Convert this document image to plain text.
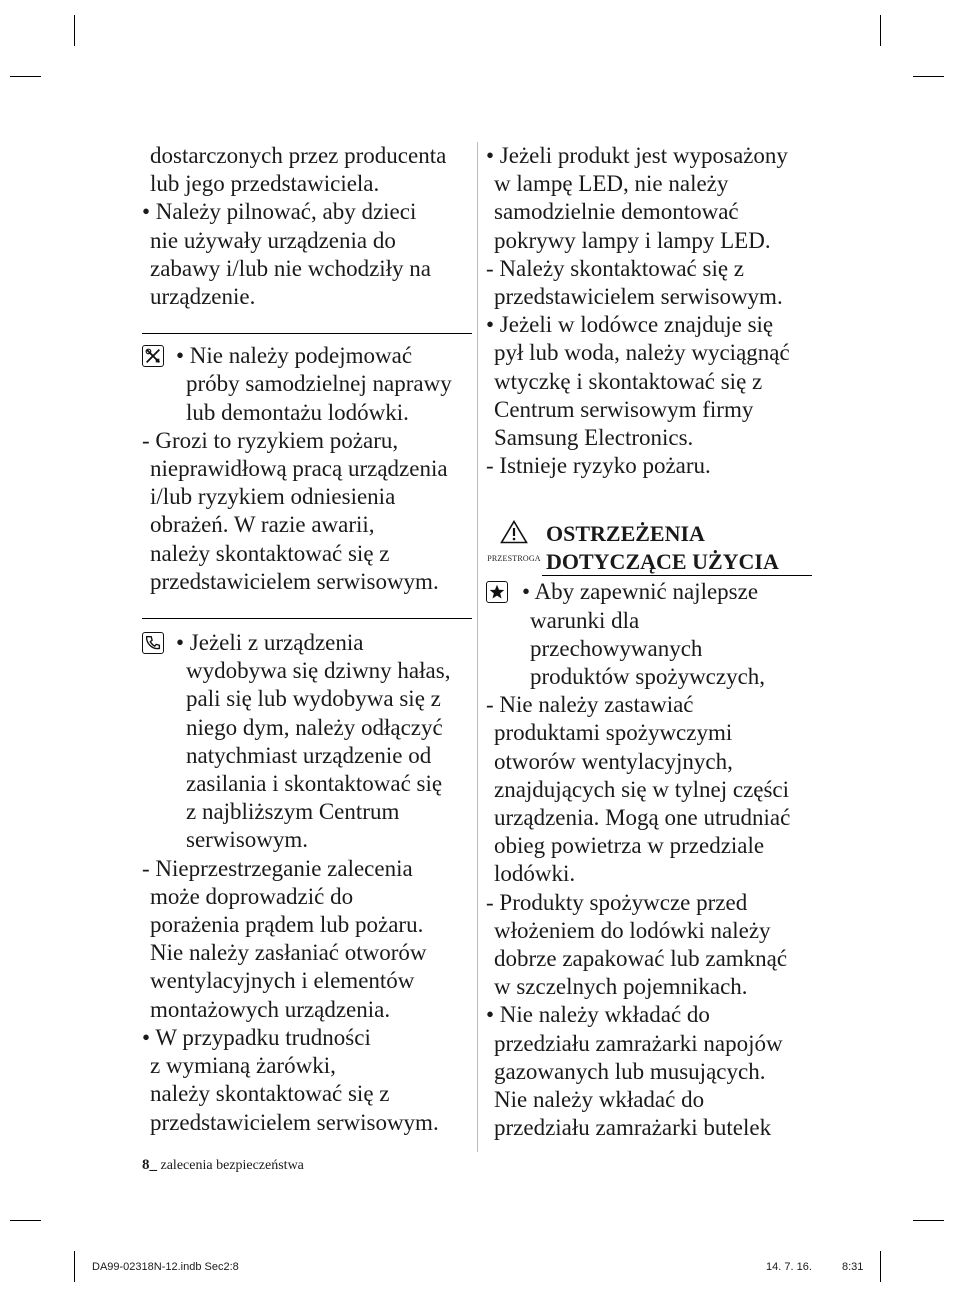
dostarczonych przez producenta

lub jego przedstawiciela.

• Należy pilnować, aby dzieci

nie używały urządzenia do

zabawy i/lub nie wchodziły na

urządzenie.

• Nie należy podejmować

próby samodzielnej naprawy

lub demontażu lodówki.

- Grozi to ryzykiem pożaru,

nieprawidłową pracą urządzenia

i/lub ryzykiem odniesienia

obrażeń. W razie awarii,

należy skontaktować się z

przedstawicielem serwisowym.

• Jeżeli z urządzenia

wydobywa się dziwny hałas,

pali się lub wydobywa się z

niego dym, należy odłączyć

natychmiast urządzenie od

zasilania i skontaktować się

z najbliższym Centrum

serwisowym.

- Nieprzestrzeganie zalecenia

może doprowadzić do

porażenia prądem lub pożaru.

Nie należy zasłaniać otworów

wentylacyjnych i elementów

montażowych urządzenia.

• W przypadku trudności

z wymianą żarówki,

należy skontaktować się z

przedstawicielem serwisowym.

• Jeżeli produkt jest wyposażony

w lampę LED, nie należy

samodzielnie demontować

pokrywy lampy i lampy LED.

- Należy skontaktować się z

przedstawicielem serwisowym.

• Jeżeli w lodówce znajduje się

pył lub woda, należy wyciągnąć

wtyczkę i skontaktować się z

Centrum serwisowym firmy

Samsung Electronics.

- Istnieje ryzyko pożaru.

PRZESTROGA
OSTRZEŻENIA
DOTYCZĄCE UŻYCIA

• Aby zapewnić najlepsze

warunki dla

przechowywanych

produktów spożywczych,

- Nie należy zastawiać

produktami spożywczymi

otworów wentylacyjnych,

znajdujących się w tylnej części

urządzenia. Mogą one utrudniać

obieg powietrza w przedziale

lodówki.

- Produkty spożywcze przed

włożeniem do lodówki należy

dobrze zapakować lub zamknąć

w szczelnych pojemnikach.

• Nie należy wkładać do

przedziału zamrażarki napojów

gazowanych lub musujących.

Nie należy wkładać do

przedziału zamrażarki butelek

8_ zalecenia bezpieczeństwa
DA99-02318N-12.indb Sec2:8	14. 7. 16.	8:31
